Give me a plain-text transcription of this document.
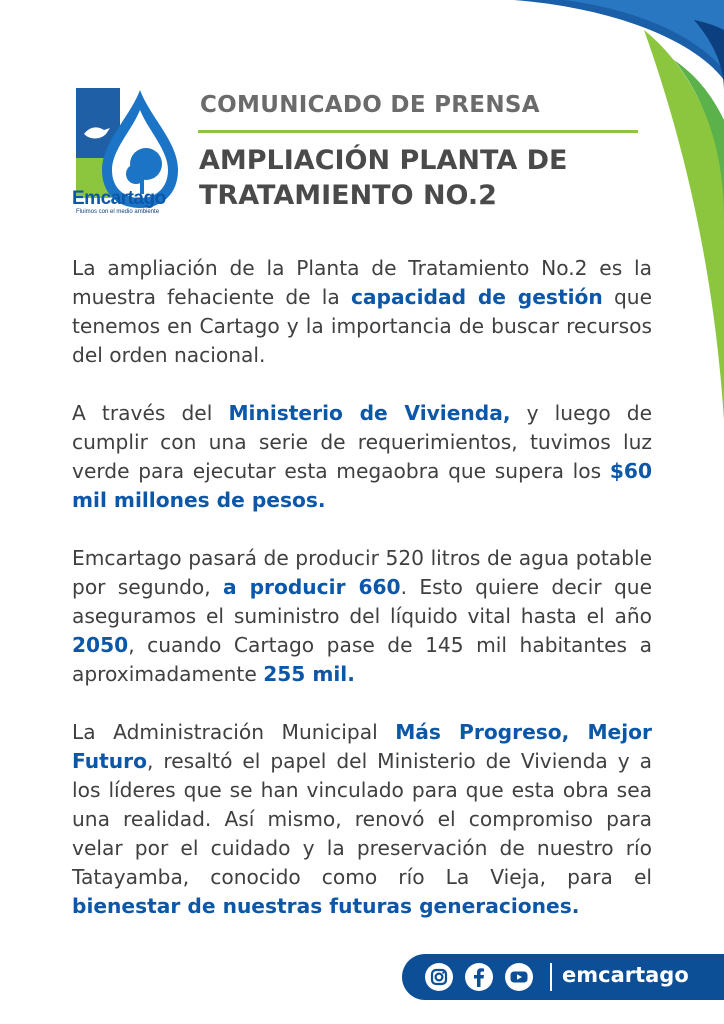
Emcartago
Fluimos con el medio ambiente
COMUNICADO DE PRENSA
AMPLIACIÓN PLANTA DE
TRATAMIENTO NO.2

La ampliación de la Planta de Tratamiento No.2 es la muestra fehaciente de la capacidad de gestión que tenemos en Cartago y la importancia de buscar recursos del orden nacional.

A través del Ministerio de Vivienda, y luego de cumplir con una serie de requerimientos, tuvimos luz verde para ejecutar esta megaobra que supera los $60 mil millones de pesos.

Emcartago pasará de producir 520 litros de agua potable por segundo, a producir 660. Esto quiere decir que aseguramos el suministro del líquido vital hasta el año 2050, cuando Cartago pase de 145 mil habitantes a aproximadamente 255 mil.

La Administración Municipal Más Progreso, Mejor Futuro, resaltó el papel del Ministerio de Vivienda y a los líderes que se han vinculado para que esta obra sea una realidad. Así mismo, renovó el compromiso para velar por el cuidado y la preservación de nuestro río Tatayamba, conocido como río La Vieja, para el bienestar de nuestras futuras generaciones.

emcartago
